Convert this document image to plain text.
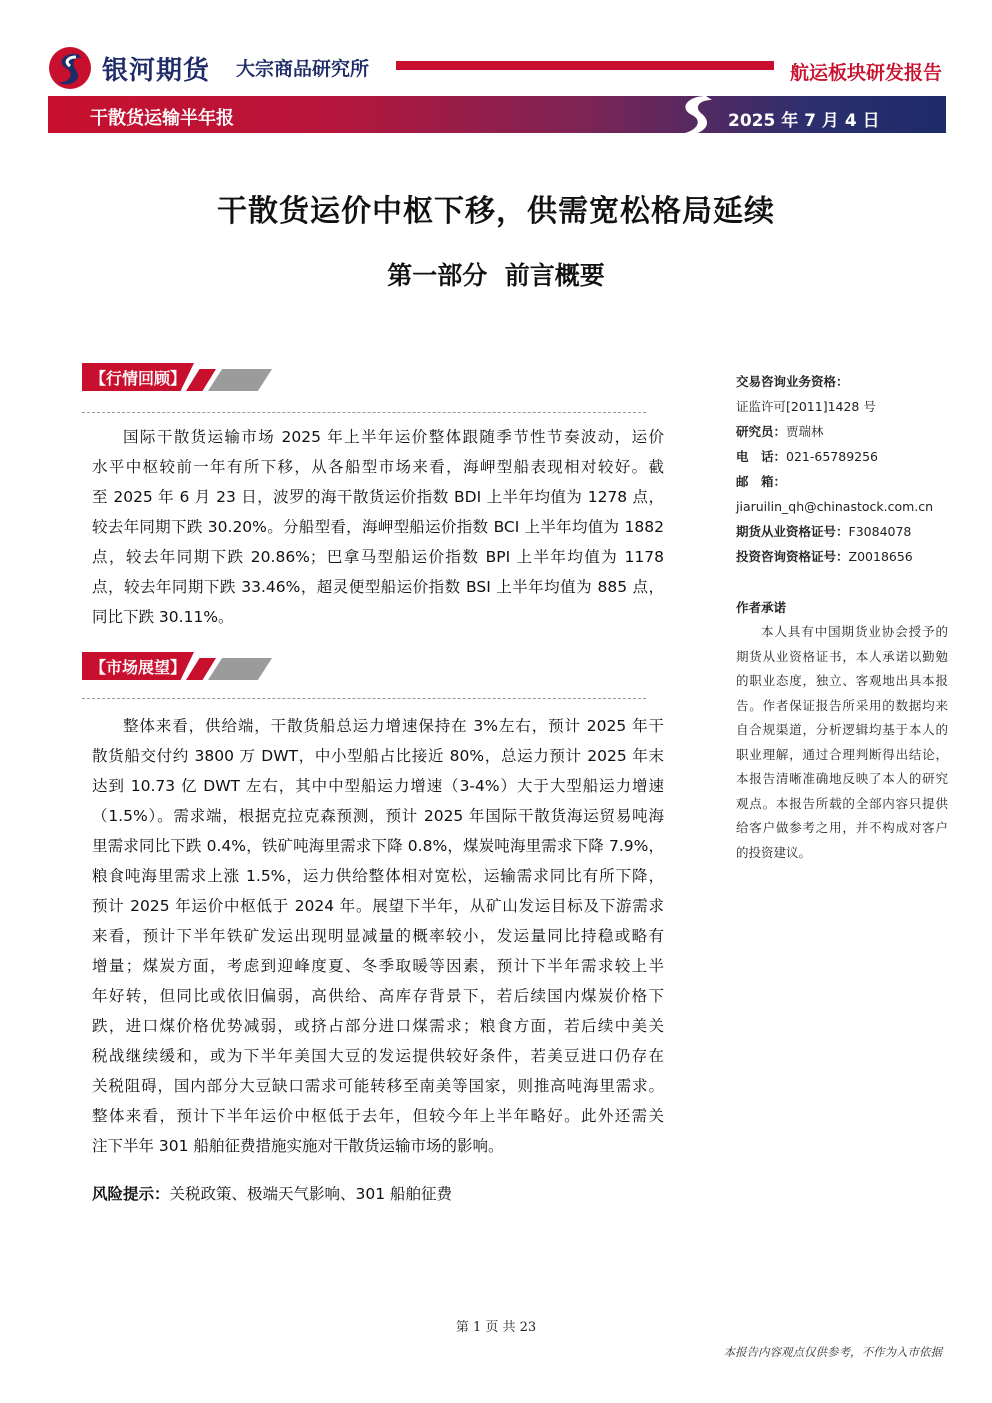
银河期货 大宗商品研究所	航运板块研发报告
干散货运输半年报	2025 年 7 月 4 日
干散货运价中枢下移，供需宽松格局延续
第一部分  前言概要
【行情回顾】
国际干散货运输市场 2025 年上半年运价整体跟随季节性节奏波动，运价
水平中枢较前一年有所下移，从各船型市场来看，海岬型船表现相对较好。截
至 2025 年 6 月 23 日，波罗的海干散货运价指数 BDI 上半年均值为 1278 点，
较去年同期下跌 30.20%。分船型看，海岬型船运价指数 BCI 上半年均值为 1882
点，较去年同期下跌 20.86%；巴拿马型船运价指数 BPI 上半年均值为 1178
点，较去年同期下跌 33.46%，超灵便型船运价指数 BSI 上半年均值为 885 点，
同比下跌 30.11%。
【市场展望】
整体来看，供给端，干散货船总运力增速保持在 3%左右，预计 2025 年干
散货船交付约 3800 万 DWT，中小型船占比接近 80%，总运力预计 2025 年末
达到 10.73 亿 DWT 左右，其中中型船运力增速（3-4%）大于大型船运力增速
（1.5%）。需求端，根据克拉克森预测，预计 2025 年国际干散货海运贸易吨海
里需求同比下跌 0.4%，铁矿吨海里需求下降 0.8%，煤炭吨海里需求下降 7.9%，
粮食吨海里需求上涨 1.5%，运力供给整体相对宽松，运输需求同比有所下降，
预计 2025 年运价中枢低于 2024 年。展望下半年，从矿山发运目标及下游需求
来看，预计下半年铁矿发运出现明显减量的概率较小，发运量同比持稳或略有
增量；煤炭方面，考虑到迎峰度夏、冬季取暖等因素，预计下半年需求较上半
年好转，但同比或依旧偏弱，高供给、高库存背景下，若后续国内煤炭价格下
跌，进口煤价格优势减弱，或挤占部分进口煤需求；粮食方面，若后续中美关
税战继续缓和，或为下半年美国大豆的发运提供较好条件，若美豆进口仍存在
关税阻碍，国内部分大豆缺口需求可能转移至南美等国家，则推高吨海里需求。
整体来看，预计下半年运价中枢低于去年，但较今年上半年略好。此外还需关
注下半年 301 船舶征费措施实施对干散货运输市场的影响。
风险提示：关税政策、极端天气影响、301 船舶征费
交易咨询业务资格：
证监许可[2011]1428 号
研究员：贾瑞林
电　话：021-65789256
邮　箱：
jiaruilin_qh@chinastock.com.cn
期货从业资格证号：F3084078
投资咨询资格证号：Z0018656
作者承诺
本人具有中国期货业协会授予的
期货从业资格证书，本人承诺以勤勉
的职业态度，独立、客观地出具本报
告。作者保证报告所采用的数据均来
自合规渠道，分析逻辑均基于本人的
职业理解，通过合理判断得出结论，
本报告清晰准确地反映了本人的研究
观点。本报告所载的全部内容只提供
给客户做参考之用，并不构成对客户
的投资建议。
第 1 页 共 23
本报告内容观点仅供参考，不作为入市依据
